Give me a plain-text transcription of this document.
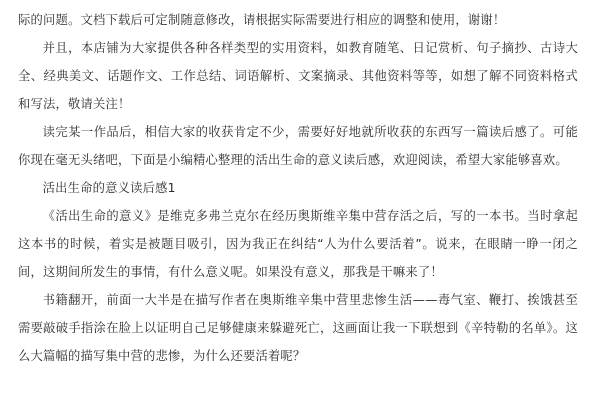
际的问题。文档下载后可定制随意修改，请根据实际需要进行相应的调整和使用，谢谢！

并且，本店铺为大家提供各种各样类型的实用资料，如教育随笔、日记赏析、句子摘抄、古诗大全、经典美文、话题作文、工作总结、词语解析、文案摘录、其他资料等等，如想了解不同资料格式和写法，敬请关注！

读完某一作品后，相信大家的收获肯定不少，需要好好地就所收获的东西写一篇读后感了。可能你现在毫无头绪吧，下面是小编精心整理的活出生命的意义读后感，欢迎阅读，希望大家能够喜欢。

活出生命的意义读后感1

《活出生命的意义》是维克多弗兰克尔在经历奥斯维辛集中营存活之后，写的一本书。当时拿起这本书的时候，着实是被题目吸引，因为我正在纠结“人为什么要活着”。说来，在眼睛一睁一闭之间，这期间所发生的事情，有什么意义呢。如果没有意义，那我是干嘛来了！

书籍翻开，前面一大半是在描写作者在奥斯维辛集中营里悲惨生活——毒气室、鞭打、挨饿甚至需要敲破手指涂在脸上以证明自己足够健康来躲避死亡，这画面让我一下联想到《辛特勒的名单》。这么大篇幅的描写集中营的悲惨，为什么还要活着呢？
